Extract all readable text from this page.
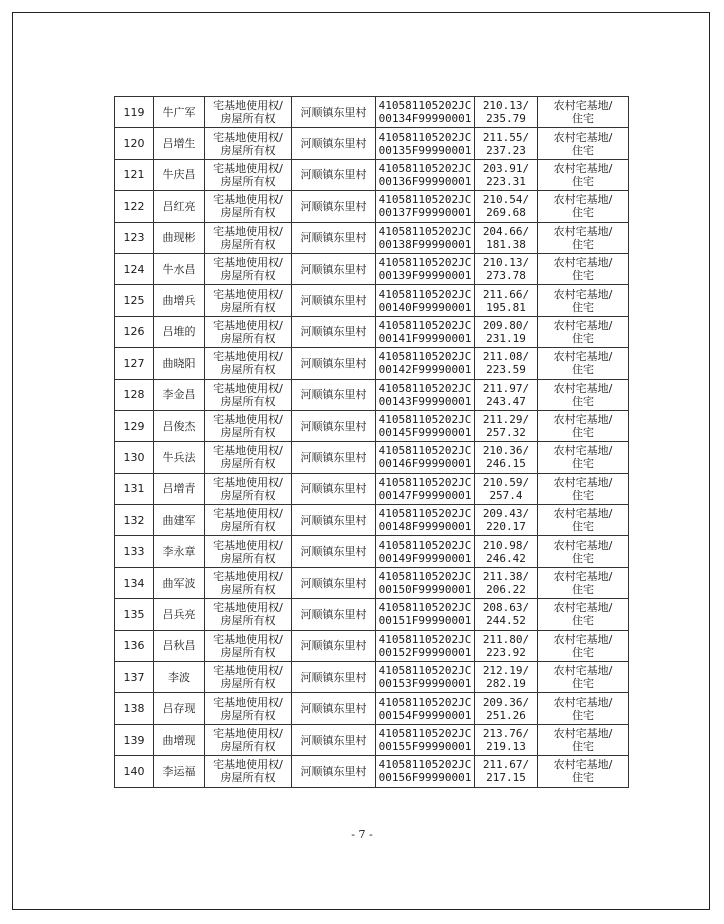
119	牛广军	宅基地使用权/
房屋所有权	河顺镇东里村	410581105202JC
00134F99990001	210.13/
235.79	农村宅基地/
住宅

120	吕增生	宅基地使用权/
房屋所有权	河顺镇东里村	410581105202JC
00135F99990001	211.55/
237.23	农村宅基地/
住宅

121	牛庆昌	宅基地使用权/
房屋所有权	河顺镇东里村	410581105202JC
00136F99990001	203.91/
223.31	农村宅基地/
住宅

122	吕红亮	宅基地使用权/
房屋所有权	河顺镇东里村	410581105202JC
00137F99990001	210.54/
269.68	农村宅基地/
住宅

123	曲现彬	宅基地使用权/
房屋所有权	河顺镇东里村	410581105202JC
00138F99990001	204.66/
181.38	农村宅基地/
住宅

124	牛水昌	宅基地使用权/
房屋所有权	河顺镇东里村	410581105202JC
00139F99990001	210.13/
273.78	农村宅基地/
住宅

125	曲增兵	宅基地使用权/
房屋所有权	河顺镇东里村	410581105202JC
00140F99990001	211.66/
195.81	农村宅基地/
住宅

126	吕堆的	宅基地使用权/
房屋所有权	河顺镇东里村	410581105202JC
00141F99990001	209.80/
231.19	农村宅基地/
住宅

127	曲晓阳	宅基地使用权/
房屋所有权	河顺镇东里村	410581105202JC
00142F99990001	211.08/
223.59	农村宅基地/
住宅

128	李金昌	宅基地使用权/
房屋所有权	河顺镇东里村	410581105202JC
00143F99990001	211.97/
243.47	农村宅基地/
住宅

129	吕俊杰	宅基地使用权/
房屋所有权	河顺镇东里村	410581105202JC
00145F99990001	211.29/
257.32	农村宅基地/
住宅

130	牛兵法	宅基地使用权/
房屋所有权	河顺镇东里村	410581105202JC
00146F99990001	210.36/
246.15	农村宅基地/
住宅

131	吕增青	宅基地使用权/
房屋所有权	河顺镇东里村	410581105202JC
00147F99990001	210.59/
257.4	农村宅基地/
住宅

132	曲建军	宅基地使用权/
房屋所有权	河顺镇东里村	410581105202JC
00148F99990001	209.43/
220.17	农村宅基地/
住宅

133	李永章	宅基地使用权/
房屋所有权	河顺镇东里村	410581105202JC
00149F99990001	210.98/
246.42	农村宅基地/
住宅

134	曲军波	宅基地使用权/
房屋所有权	河顺镇东里村	410581105202JC
00150F99990001	211.38/
206.22	农村宅基地/
住宅

135	吕兵亮	宅基地使用权/
房屋所有权	河顺镇东里村	410581105202JC
00151F99990001	208.63/
244.52	农村宅基地/
住宅

136	吕秋昌	宅基地使用权/
房屋所有权	河顺镇东里村	410581105202JC
00152F99990001	211.80/
223.92	农村宅基地/
住宅

137	李波	宅基地使用权/
房屋所有权	河顺镇东里村	410581105202JC
00153F99990001	212.19/
282.19	农村宅基地/
住宅

138	吕存现	宅基地使用权/
房屋所有权	河顺镇东里村	410581105202JC
00154F99990001	209.36/
251.26	农村宅基地/
住宅

139	曲增现	宅基地使用权/
房屋所有权	河顺镇东里村	410581105202JC
00155F99990001	213.76/
219.13	农村宅基地/
住宅

140	李运福	宅基地使用权/
房屋所有权	河顺镇东里村	410581105202JC
00156F99990001	211.67/
217.15	农村宅基地/
住宅
- 7 -
